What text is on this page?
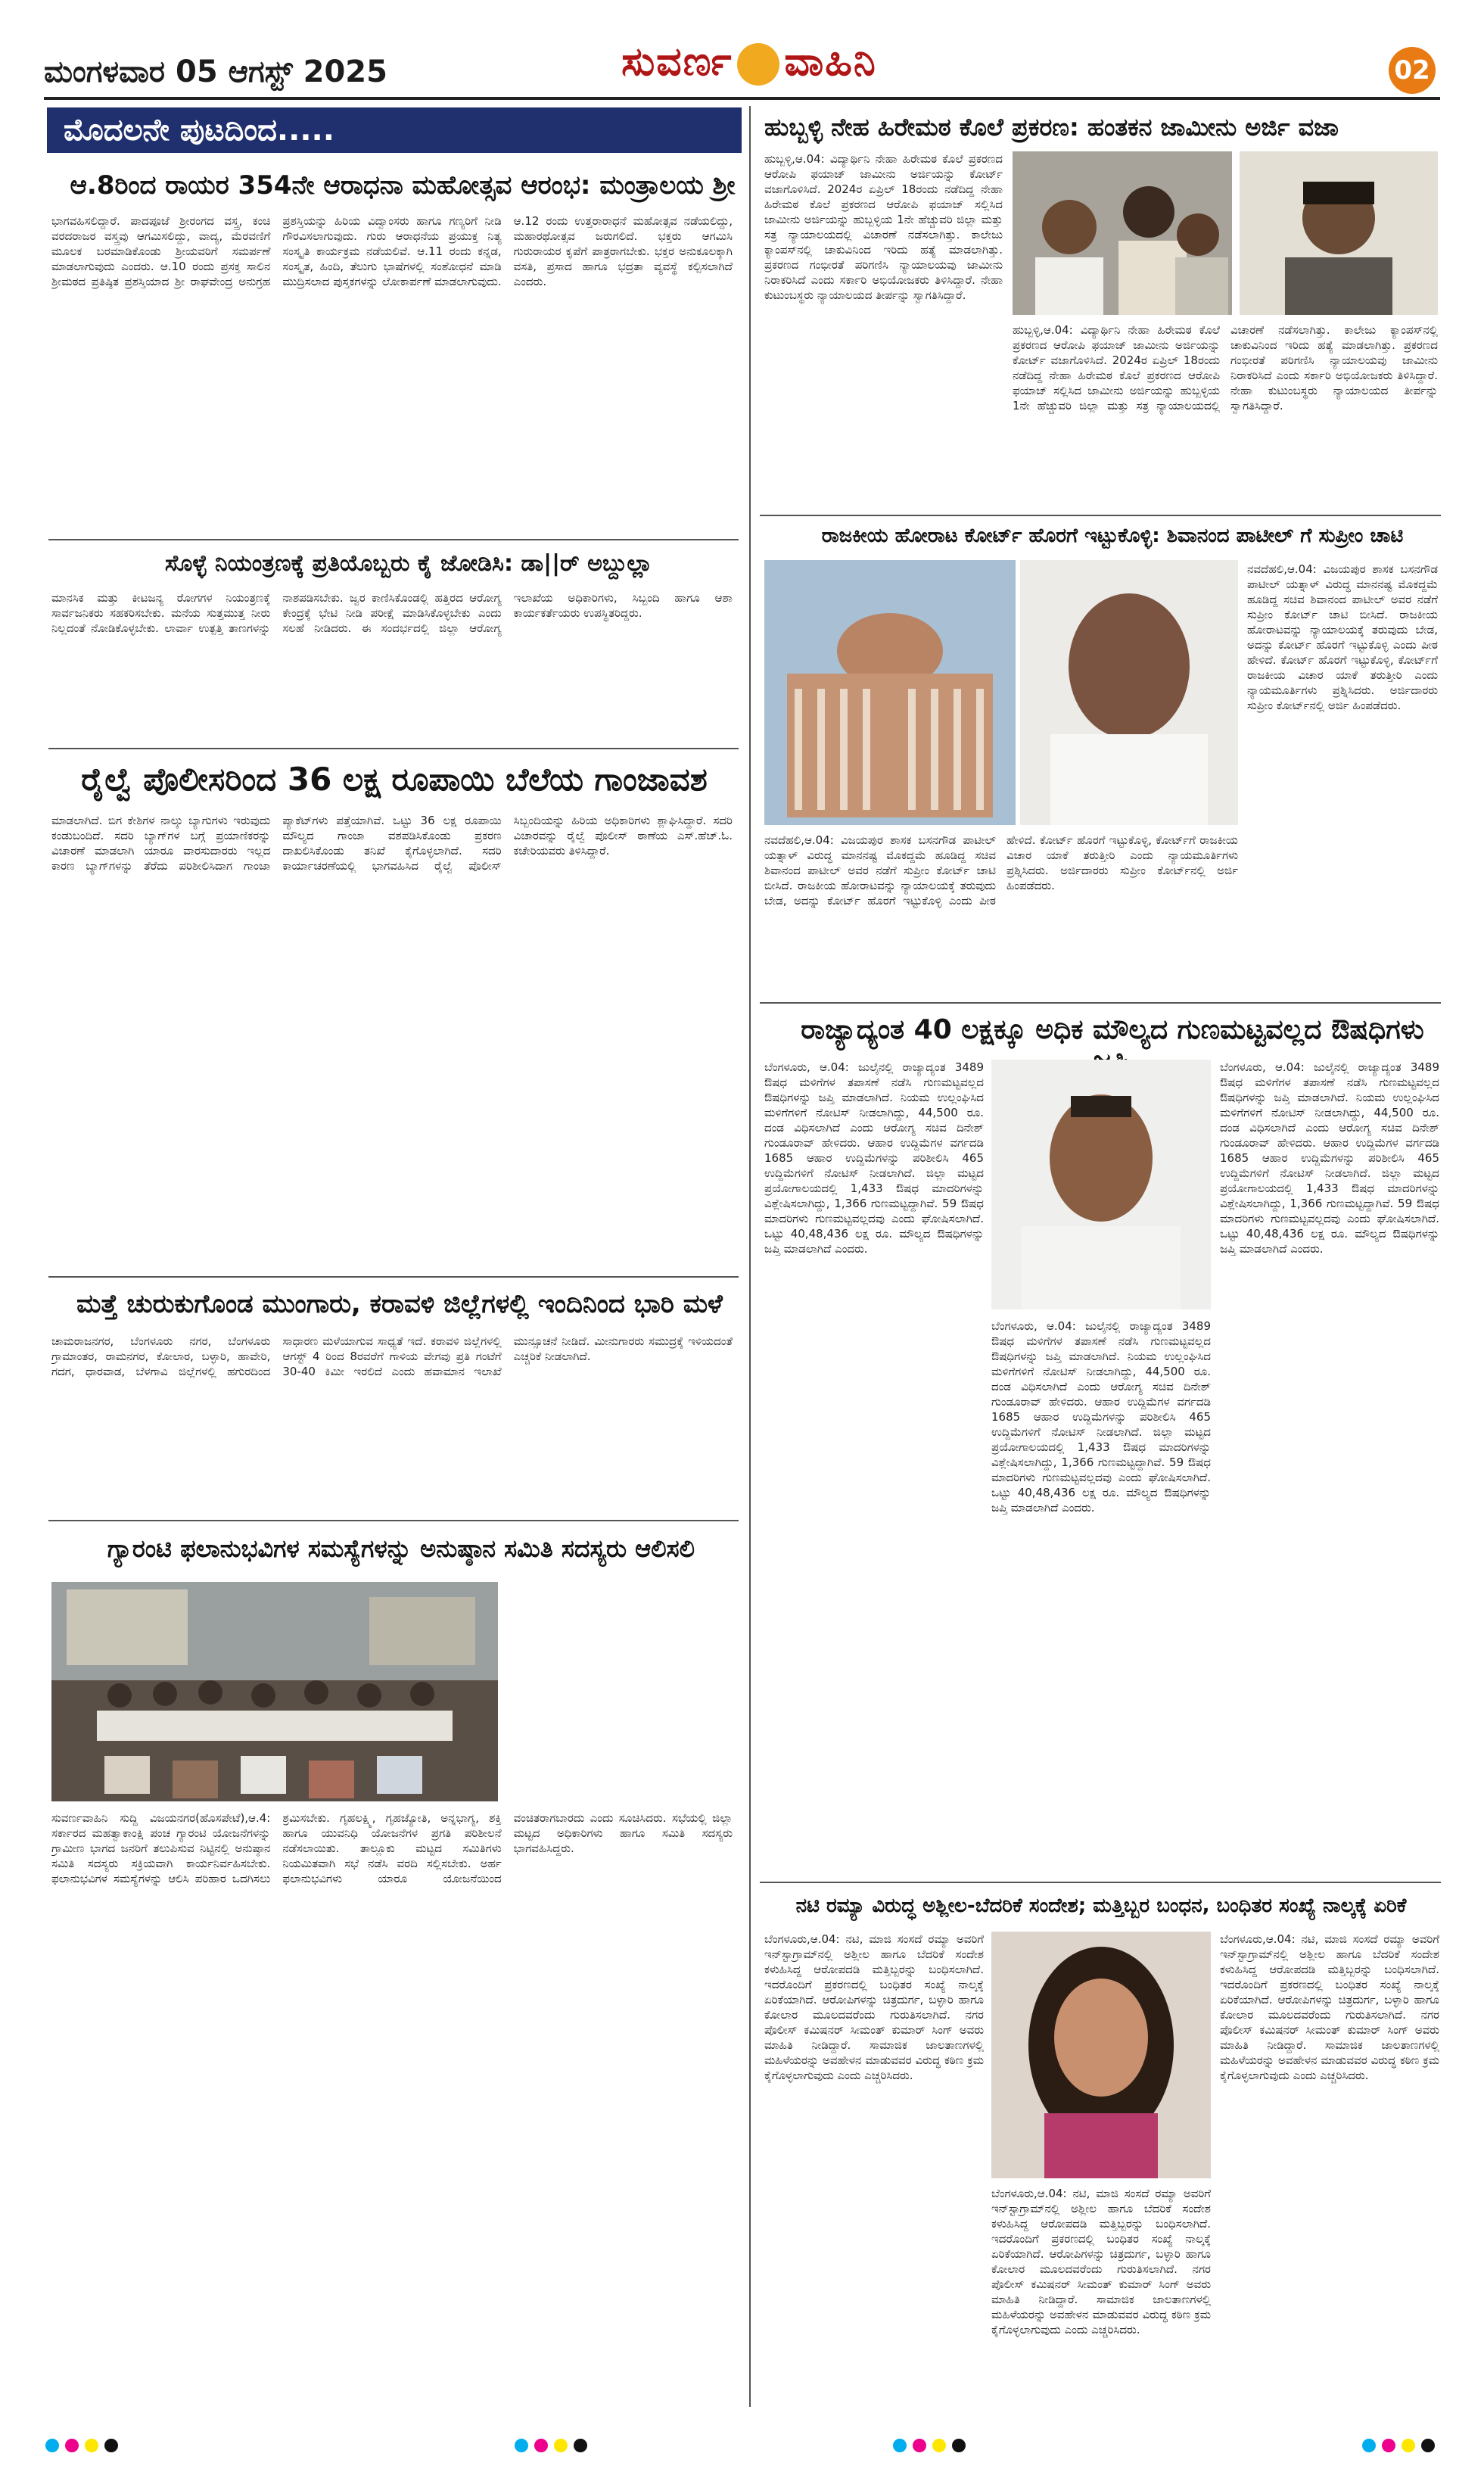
ಮಂಗಳವಾರ 05 ಆಗಸ್ಟ್ 2025	ಸುವರ್ಣ ವಾಹಿನಿ	02
ಮೊದಲನೇ ಪುಟದಿಂದ.....
ಆ.8ರಿಂದ ರಾಯರ 354ನೇ ಆರಾಧನಾ ಮಹೋತ್ಸವ ಆರಂಭ: ಮಂತ್ರಾಲಯ ಶ್ರೀ
ಭಾಗವಹಿಸಲಿದ್ದಾರೆ. ಪಾದಪೂಜೆ ಶ್ರೀರಂಗದ ವಸ್ತ್ರ, ಕಂಚಿ ವರದರಾಜರ ವಸ್ತ್ರವು ಆಗಮಿಸಲಿದ್ದು, ವಾದ್ಯ, ಮೆರವಣಿಗೆ ಮೂಲಕ ಬರಮಾಡಿಕೊಂಡು ಶ್ರೀಯವರಿಗೆ ಸಮರ್ಪಣೆ ಮಾಡಲಾಗುವುದು ಎಂದರು. ಆ.10 ರಂದು ಪ್ರಸಕ್ತ ಸಾಲಿನ ಶ್ರೀಮಠದ ಪ್ರತಿಷ್ಠಿತ ಪ್ರಶಸ್ತಿಯಾದ ಶ್ರೀ ರಾಘವೇಂದ್ರ ಅನುಗ್ರಹ ಪ್ರಶಸ್ತಿಯನ್ನು ಹಿರಿಯ ವಿದ್ವಾಂಸರು ಹಾಗೂ ಗಣ್ಯರಿಗೆ ನೀಡಿ ಗೌರವಿಸಲಾಗುವುದು. ಗುರು ಆರಾಧನೆಯ ಪ್ರಯುಕ್ತ ನಿತ್ಯ ಸಂಸ್ಕೃತಿ ಕಾರ್ಯಕ್ರಮ ನಡೆಯಲಿವೆ. ಆ.11 ರಂದು ಕನ್ನಡ, ಸಂಸ್ಕೃತ, ಹಿಂದಿ, ತೆಲುಗು ಭಾಷೆಗಳಲ್ಲಿ ಸಂಶೋಧನೆ ಮಾಡಿ ಮುದ್ರಿಸಲಾದ ಪುಸ್ತಕಗಳನ್ನು ಲೋಕಾರ್ಪಣೆ ಮಾಡಲಾಗುವುದು. ಆ.12 ರಂದು ಉತ್ತರಾರಾಧನೆ ಮಹೋತ್ಸವ ನಡೆಯಲಿದ್ದು, ಮಹಾರಥೋತ್ಸವ ಜರುಗಲಿದೆ. ಭಕ್ತರು ಆಗಮಿಸಿ ಗುರುರಾಯರ ಕೃಪೆಗೆ ಪಾತ್ರರಾಗಬೇಕು. ಭಕ್ತರ ಅನುಕೂಲಕ್ಕಾಗಿ ವಸತಿ, ಪ್ರಸಾದ ಹಾಗೂ ಭದ್ರತಾ ವ್ಯವಸ್ಥೆ ಕಲ್ಪಿಸಲಾಗಿದೆ ಎಂದರು.
ಸೊಳ್ಳೆ ನಿಯಂತ್ರಣಕ್ಕೆ ಪ್ರತಿಯೊಬ್ಬರು ಕೈ ಜೋಡಿಸಿ: ಡಾ||ರ್ ಅಬ್ದುಲ್ಲಾ
ಮಾನಸಿಕ ಮತ್ತು ಕೀಟಜನ್ಯ ರೋಗಗಳ ನಿಯಂತ್ರಣಕ್ಕೆ ಸಾರ್ವಜನಿಕರು ಸಹಕರಿಸಬೇಕು. ಮನೆಯ ಸುತ್ತಮುತ್ತ ನೀರು ನಿಲ್ಲದಂತೆ ನೋಡಿಕೊಳ್ಳಬೇಕು. ಲಾರ್ವಾ ಉತ್ಪತ್ತಿ ತಾಣಗಳನ್ನು ನಾಶಪಡಿಸಬೇಕು. ಜ್ವರ ಕಾಣಿಸಿಕೊಂಡಲ್ಲಿ ಹತ್ತಿರದ ಆರೋಗ್ಯ ಕೇಂದ್ರಕ್ಕೆ ಭೇಟಿ ನೀಡಿ ಪರೀಕ್ಷೆ ಮಾಡಿಸಿಕೊಳ್ಳಬೇಕು ಎಂದು ಸಲಹೆ ನೀಡಿದರು. ಈ ಸಂದರ್ಭದಲ್ಲಿ ಜಿಲ್ಲಾ ಆರೋಗ್ಯ ಇಲಾಖೆಯ ಅಧಿಕಾರಿಗಳು, ಸಿಬ್ಬಂದಿ ಹಾಗೂ ಆಶಾ ಕಾರ್ಯಕರ್ತೆಯರು ಉಪಸ್ಥಿತರಿದ್ದರು.
ರೈಲ್ವೆ ಪೊಲೀಸರಿಂದ 36 ಲಕ್ಷ ರೂಪಾಯಿ ಬೆಲೆಯ ಗಾಂಜಾವಶ
ಮಾಡಲಾಗಿದೆ. ಬಿಗ ಕೇಶಿಗಳ ನಾಲ್ಕು ಬ್ಯಾಗುಗಳು ಇರುವುದು ಕಂಡುಬಂದಿದೆ. ಸದರಿ ಬ್ಯಾಗ್‌ಗಳ ಬಗ್ಗೆ ಪ್ರಯಾಣಿಕರನ್ನು ವಿಚಾರಣೆ ಮಾಡಲಾಗಿ ಯಾರೂ ವಾರಸುದಾರರು ಇಲ್ಲದ ಕಾರಣ ಬ್ಯಾಗ್‌ಗಳನ್ನು ತೆರೆದು ಪರಿಶೀಲಿಸಿದಾಗ ಗಾಂಜಾ ಪ್ಯಾಕೆಟ್‌ಗಳು ಪತ್ತೆಯಾಗಿವೆ. ಒಟ್ಟು 36 ಲಕ್ಷ ರೂಪಾಯಿ ಮೌಲ್ಯದ ಗಾಂಜಾ ವಶಪಡಿಸಿಕೊಂಡು ಪ್ರಕರಣ ದಾಖಲಿಸಿಕೊಂಡು ತನಿಖೆ ಕೈಗೊಳ್ಳಲಾಗಿದೆ. ಸದರಿ ಕಾರ್ಯಾಚರಣೆಯಲ್ಲಿ ಭಾಗವಹಿಸಿದ ರೈಲ್ವೆ ಪೊಲೀಸ್ ಸಿಬ್ಬಂದಿಯನ್ನು ಹಿರಿಯ ಅಧಿಕಾರಿಗಳು ಶ್ಲಾಘಿಸಿದ್ದಾರೆ. ಸದರಿ ವಿಚಾರವನ್ನು ರೈಲ್ವೆ ಪೊಲೀಸ್ ಠಾಣೆಯ ಎಸ್.ಹೆಚ್.ಓ. ಕಚೇರಿಯವರು ತಿಳಿಸಿದ್ದಾರೆ.
ಮತ್ತೆ ಚುರುಕುಗೊಂಡ ಮುಂಗಾರು, ಕರಾವಳಿ ಜಿಲ್ಲೆಗಳಲ್ಲಿ ಇಂದಿನಿಂದ ಭಾರಿ ಮಳೆ
ಚಾಮರಾಜನಗರ, ಬೆಂಗಳೂರು ನಗರ, ಬೆಂಗಳೂರು ಗ್ರಾಮಾಂತರ, ರಾಮನಗರ, ಕೋಲಾರ, ಬಳ್ಳಾರಿ, ಹಾವೇರಿ, ಗದಗ, ಧಾರವಾಡ, ಬೆಳಗಾವಿ ಜಿಲ್ಲೆಗಳಲ್ಲಿ ಹಗುರದಿಂದ ಸಾಧಾರಣ ಮಳೆಯಾಗುವ ಸಾಧ್ಯತೆ ಇದೆ. ಕರಾವಳಿ ಜಿಲ್ಲೆಗಳಲ್ಲಿ ಆಗಸ್ಟ್ 4 ರಿಂದ 8ರವರೆಗೆ ಗಾಳಿಯ ವೇಗವು ಪ್ರತಿ ಗಂಟೆಗೆ 30-40 ಕಿಮೀ ಇರಲಿದೆ ಎಂದು ಹವಾಮಾನ ಇಲಾಖೆ ಮುನ್ಸೂಚನೆ ನೀಡಿದೆ. ಮೀನುಗಾರರು ಸಮುದ್ರಕ್ಕೆ ಇಳಿಯದಂತೆ ಎಚ್ಚರಿಕೆ ನೀಡಲಾಗಿದೆ.
ಗ್ಯಾರಂಟಿ ಫಲಾನುಭವಿಗಳ ಸಮಸ್ಯೆಗಳನ್ನು ಅನುಷ್ಠಾನ ಸಮಿತಿ ಸದಸ್ಯರು ಆಲಿಸಲಿ
ಸುವರ್ಣವಾಹಿನಿ ಸುದ್ದಿ ವಿಜಯನಗರ(ಹೊಸಪೇಟೆ),ಆ.4: ಸರ್ಕಾರದ ಮಹತ್ವಾಕಾಂಕ್ಷಿ ಪಂಚ ಗ್ಯಾರಂಟಿ ಯೋಜನೆಗಳನ್ನು ಗ್ರಾಮೀಣ ಭಾಗದ ಜನರಿಗೆ ತಲುಪಿಸುವ ನಿಟ್ಟಿನಲ್ಲಿ ಅನುಷ್ಠಾನ ಸಮಿತಿ ಸದಸ್ಯರು ಸಕ್ರಿಯವಾಗಿ ಕಾರ್ಯನಿರ್ವಹಿಸಬೇಕು. ಫಲಾನುಭವಿಗಳ ಸಮಸ್ಯೆಗಳನ್ನು ಆಲಿಸಿ ಪರಿಹಾರ ಒದಗಿಸಲು ಶ್ರಮಿಸಬೇಕು. ಗೃಹಲಕ್ಷ್ಮಿ, ಗೃಹಜ್ಯೋತಿ, ಅನ್ನಭಾಗ್ಯ, ಶಕ್ತಿ ಹಾಗೂ ಯುವನಿಧಿ ಯೋಜನೆಗಳ ಪ್ರಗತಿ ಪರಿಶೀಲನೆ ನಡೆಸಲಾಯಿತು. ತಾಲ್ಲೂಕು ಮಟ್ಟದ ಸಮಿತಿಗಳು ನಿಯಮಿತವಾಗಿ ಸಭೆ ನಡೆಸಿ ವರದಿ ಸಲ್ಲಿಸಬೇಕು. ಅರ್ಹ ಫಲಾನುಭವಿಗಳು ಯಾರೂ ಯೋಜನೆಯಿಂದ ವಂಚಿತರಾಗಬಾರದು ಎಂದು ಸೂಚಿಸಿದರು. ಸಭೆಯಲ್ಲಿ ಜಿಲ್ಲಾ ಮಟ್ಟದ ಅಧಿಕಾರಿಗಳು ಹಾಗೂ ಸಮಿತಿ ಸದಸ್ಯರು ಭಾಗವಹಿಸಿದ್ದರು.
ಹುಬ್ಬಳ್ಳಿ ನೇಹ ಹಿರೇಮಠ ಕೊಲೆ ಪ್ರಕರಣ: ಹಂತಕನ ಜಾಮೀನು ಅರ್ಜಿ ವಜಾ
ಹುಬ್ಬಳ್ಳಿ,ಆ.04: ವಿದ್ಯಾರ್ಥಿನಿ ನೇಹಾ ಹಿರೇಮಠ ಕೊಲೆ ಪ್ರಕರಣದ ಆರೋಪಿ ಫಯಾಜ್ ಜಾಮೀನು ಅರ್ಜಿಯನ್ನು ಕೋರ್ಟ್ ವಜಾಗೊಳಿಸಿದೆ. 2024ರ ಏಪ್ರಿಲ್ 18ರಂದು ನಡೆದಿದ್ದ ನೇಹಾ ಹಿರೇಮಠ ಕೊಲೆ ಪ್ರಕರಣದ ಆರೋಪಿ ಫಯಾಜ್ ಸಲ್ಲಿಸಿದ ಜಾಮೀನು ಅರ್ಜಿಯನ್ನು ಹುಬ್ಬಳ್ಳಿಯ 1ನೇ ಹೆಚ್ಚುವರಿ ಜಿಲ್ಲಾ ಮತ್ತು ಸತ್ರ ನ್ಯಾಯಾಲಯದಲ್ಲಿ ವಿಚಾರಣೆ ನಡೆಸಲಾಗಿತ್ತು. ಕಾಲೇಜು ಕ್ಯಾಂಪಸ್‌ನಲ್ಲಿ ಚಾಕುವಿನಿಂದ ಇರಿದು ಹತ್ಯೆ ಮಾಡಲಾಗಿತ್ತು. ಪ್ರಕರಣದ ಗಂಭೀರತೆ ಪರಿಗಣಿಸಿ ನ್ಯಾಯಾಲಯವು ಜಾಮೀನು ನಿರಾಕರಿಸಿದೆ ಎಂದು ಸರ್ಕಾರಿ ಅಭಿಯೋಜಕರು ತಿಳಿಸಿದ್ದಾರೆ. ನೇಹಾ ಕುಟುಂಬಸ್ಥರು ನ್ಯಾಯಾಲಯದ ತೀರ್ಪನ್ನು ಸ್ವಾಗತಿಸಿದ್ದಾರೆ.
ಹುಬ್ಬಳ್ಳಿ,ಆ.04: ವಿದ್ಯಾರ್ಥಿನಿ ನೇಹಾ ಹಿರೇಮಠ ಕೊಲೆ ಪ್ರಕರಣದ ಆರೋಪಿ ಫಯಾಜ್ ಜಾಮೀನು ಅರ್ಜಿಯನ್ನು ಕೋರ್ಟ್ ವಜಾಗೊಳಿಸಿದೆ. 2024ರ ಏಪ್ರಿಲ್ 18ರಂದು ನಡೆದಿದ್ದ ನೇಹಾ ಹಿರೇಮಠ ಕೊಲೆ ಪ್ರಕರಣದ ಆರೋಪಿ ಫಯಾಜ್ ಸಲ್ಲಿಸಿದ ಜಾಮೀನು ಅರ್ಜಿಯನ್ನು ಹುಬ್ಬಳ್ಳಿಯ 1ನೇ ಹೆಚ್ಚುವರಿ ಜಿಲ್ಲಾ ಮತ್ತು ಸತ್ರ ನ್ಯಾಯಾಲಯದಲ್ಲಿ ವಿಚಾರಣೆ ನಡೆಸಲಾಗಿತ್ತು. ಕಾಲೇಜು ಕ್ಯಾಂಪಸ್‌ನಲ್ಲಿ ಚಾಕುವಿನಿಂದ ಇರಿದು ಹತ್ಯೆ ಮಾಡಲಾಗಿತ್ತು. ಪ್ರಕರಣದ ಗಂಭೀರತೆ ಪರಿಗಣಿಸಿ ನ್ಯಾಯಾಲಯವು ಜಾಮೀನು ನಿರಾಕರಿಸಿದೆ ಎಂದು ಸರ್ಕಾರಿ ಅಭಿಯೋಜಕರು ತಿಳಿಸಿದ್ದಾರೆ. ನೇಹಾ ಕುಟುಂಬಸ್ಥರು ನ್ಯಾಯಾಲಯದ ತೀರ್ಪನ್ನು ಸ್ವಾಗತಿಸಿದ್ದಾರೆ.
ರಾಜಕೀಯ ಹೋರಾಟ ಕೋರ್ಟ್ ಹೊರಗೆ ಇಟ್ಟುಕೊಳ್ಳಿ: ಶಿವಾನಂದ ಪಾಟೀಲ್ ಗೆ ಸುಪ್ರೀಂ ಚಾಟಿ
ನವದೆಹಲಿ,ಆ.04: ವಿಜಯಪುರ ಶಾಸಕ ಬಸನಗೌಡ ಪಾಟೀಲ್ ಯತ್ನಾಳ್ ವಿರುದ್ಧ ಮಾನನಷ್ಟ ಮೊಕದ್ದಮೆ ಹೂಡಿದ್ದ ಸಚಿವ ಶಿವಾನಂದ ಪಾಟೀಲ್ ಅವರ ನಡೆಗೆ ಸುಪ್ರೀಂ ಕೋರ್ಟ್ ಚಾಟಿ ಬೀಸಿದೆ. ರಾಜಕೀಯ ಹೋರಾಟವನ್ನು ನ್ಯಾಯಾಲಯಕ್ಕೆ ತರುವುದು ಬೇಡ, ಅದನ್ನು ಕೋರ್ಟ್ ಹೊರಗೆ ಇಟ್ಟುಕೊಳ್ಳಿ ಎಂದು ಪೀಠ ಹೇಳಿದೆ. ಕೋರ್ಟ್ ಹೊರಗೆ ಇಟ್ಟುಕೊಳ್ಳಿ, ಕೋರ್ಟ್‌ಗೆ ರಾಜಕೀಯ ವಿಚಾರ ಯಾಕೆ ತರುತ್ತೀರಿ ಎಂದು ನ್ಯಾಯಮೂರ್ತಿಗಳು ಪ್ರಶ್ನಿಸಿದರು. ಅರ್ಜಿದಾರರು ಸುಪ್ರೀಂ ಕೋರ್ಟ್‌ನಲ್ಲಿ ಅರ್ಜಿ ಹಿಂಪಡೆದರು.
ನವದೆಹಲಿ,ಆ.04: ವಿಜಯಪುರ ಶಾಸಕ ಬಸನಗೌಡ ಪಾಟೀಲ್ ಯತ್ನಾಳ್ ವಿರುದ್ಧ ಮಾನನಷ್ಟ ಮೊಕದ್ದಮೆ ಹೂಡಿದ್ದ ಸಚಿವ ಶಿವಾನಂದ ಪಾಟೀಲ್ ಅವರ ನಡೆಗೆ ಸುಪ್ರೀಂ ಕೋರ್ಟ್ ಚಾಟಿ ಬೀಸಿದೆ. ರಾಜಕೀಯ ಹೋರಾಟವನ್ನು ನ್ಯಾಯಾಲಯಕ್ಕೆ ತರುವುದು ಬೇಡ, ಅದನ್ನು ಕೋರ್ಟ್ ಹೊರಗೆ ಇಟ್ಟುಕೊಳ್ಳಿ ಎಂದು ಪೀಠ ಹೇಳಿದೆ. ಕೋರ್ಟ್ ಹೊರಗೆ ಇಟ್ಟುಕೊಳ್ಳಿ, ಕೋರ್ಟ್‌ಗೆ ರಾಜಕೀಯ ವಿಚಾರ ಯಾಕೆ ತರುತ್ತೀರಿ ಎಂದು ನ್ಯಾಯಮೂರ್ತಿಗಳು ಪ್ರಶ್ನಿಸಿದರು. ಅರ್ಜಿದಾರರು ಸುಪ್ರೀಂ ಕೋರ್ಟ್‌ನಲ್ಲಿ ಅರ್ಜಿ ಹಿಂಪಡೆದರು.
ರಾಜ್ಯಾದ್ಯಂತ 40 ಲಕ್ಷಕ್ಕೂ ಅಧಿಕ ಮೌಲ್ಯದ ಗುಣಮಟ್ಟವಲ್ಲದ ಔಷಧಿಗಳು
ಬೆಂಗಳೂರು, ಆ.04: ಜುಲೈನಲ್ಲಿ ರಾಜ್ಯಾದ್ಯಂತ 3489 ಔಷಧ ಮಳಿಗೆಗಳ ತಪಾಸಣೆ ನಡೆಸಿ ಗುಣಮಟ್ಟವಲ್ಲದ ಔಷಧಿಗಳನ್ನು ಜಪ್ತಿ ಮಾಡಲಾಗಿದೆ. ನಿಯಮ ಉಲ್ಲಂಘಿಸಿದ ಮಳಿಗೆಗಳಿಗೆ ನೋಟಿಸ್ ನೀಡಲಾಗಿದ್ದು, 44,500 ರೂ. ದಂಡ ವಿಧಿಸಲಾಗಿದೆ ಎಂದು ಆರೋಗ್ಯ ಸಚಿವ ದಿನೇಶ್ ಗುಂಡೂರಾವ್ ಹೇಳಿದರು. ಆಹಾರ ಉದ್ದಿಮೆಗಳ ವರ್ಗದಡಿ 1685 ಆಹಾರ ಉದ್ದಿಮೆಗಳನ್ನು ಪರಿಶೀಲಿಸಿ 465 ಉದ್ದಿಮೆಗಳಿಗೆ ನೋಟಿಸ್ ನೀಡಲಾಗಿದೆ. ಜಿಲ್ಲಾ ಮಟ್ಟದ ಪ್ರಯೋಗಾಲಯದಲ್ಲಿ 1,433 ಔಷಧ ಮಾದರಿಗಳನ್ನು ವಿಶ್ಲೇಷಿಸಲಾಗಿದ್ದು, 1,366 ಗುಣಮಟ್ಟದ್ದಾಗಿವೆ. 59 ಔಷಧ ಮಾದರಿಗಳು ಗುಣಮಟ್ಟವಲ್ಲದವು ಎಂದು ಘೋಷಿಸಲಾಗಿದೆ. ಒಟ್ಟು 40,48,436 ಲಕ್ಷ ರೂ. ಮೌಲ್ಯದ ಔಷಧಿಗಳನ್ನು ಜಪ್ತಿ ಮಾಡಲಾಗಿದೆ ಎಂದರು.
ಬೆಂಗಳೂರು, ಆ.04: ಜುಲೈನಲ್ಲಿ ರಾಜ್ಯಾದ್ಯಂತ 3489 ಔಷಧ ಮಳಿಗೆಗಳ ತಪಾಸಣೆ ನಡೆಸಿ ಗುಣಮಟ್ಟವಲ್ಲದ ಔಷಧಿಗಳನ್ನು ಜಪ್ತಿ ಮಾಡಲಾಗಿದೆ. ನಿಯಮ ಉಲ್ಲಂಘಿಸಿದ ಮಳಿಗೆಗಳಿಗೆ ನೋಟಿಸ್ ನೀಡಲಾಗಿದ್ದು, 44,500 ರೂ. ದಂಡ ವಿಧಿಸಲಾಗಿದೆ ಎಂದು ಆರೋಗ್ಯ ಸಚಿವ ದಿನೇಶ್ ಗುಂಡೂರಾವ್ ಹೇಳಿದರು. ಆಹಾರ ಉದ್ದಿಮೆಗಳ ವರ್ಗದಡಿ 1685 ಆಹಾರ ಉದ್ದಿಮೆಗಳನ್ನು ಪರಿಶೀಲಿಸಿ 465 ಉದ್ದಿಮೆಗಳಿಗೆ ನೋಟಿಸ್ ನೀಡಲಾಗಿದೆ. ಜಿಲ್ಲಾ ಮಟ್ಟದ ಪ್ರಯೋಗಾಲಯದಲ್ಲಿ 1,433 ಔಷಧ ಮಾದರಿಗಳನ್ನು ವಿಶ್ಲೇಷಿಸಲಾಗಿದ್ದು, 1,366 ಗುಣಮಟ್ಟದ್ದಾಗಿವೆ. 59 ಔಷಧ ಮಾದರಿಗಳು ಗುಣಮಟ್ಟವಲ್ಲದವು ಎಂದು ಘೋಷಿಸಲಾಗಿದೆ. ಒಟ್ಟು 40,48,436 ಲಕ್ಷ ರೂ. ಮೌಲ್ಯದ ಔಷಧಿಗಳನ್ನು ಜಪ್ತಿ ಮಾಡಲಾಗಿದೆ ಎಂದರು.
ಬೆಂಗಳೂರು, ಆ.04: ಜುಲೈನಲ್ಲಿ ರಾಜ್ಯಾದ್ಯಂತ 3489 ಔಷಧ ಮಳಿಗೆಗಳ ತಪಾಸಣೆ ನಡೆಸಿ ಗುಣಮಟ್ಟವಲ್ಲದ ಔಷಧಿಗಳನ್ನು ಜಪ್ತಿ ಮಾಡಲಾಗಿದೆ. ನಿಯಮ ಉಲ್ಲಂಘಿಸಿದ ಮಳಿಗೆಗಳಿಗೆ ನೋಟಿಸ್ ನೀಡಲಾಗಿದ್ದು, 44,500 ರೂ. ದಂಡ ವಿಧಿಸಲಾಗಿದೆ ಎಂದು ಆರೋಗ್ಯ ಸಚಿವ ದಿನೇಶ್ ಗುಂಡೂರಾವ್ ಹೇಳಿದರು. ಆಹಾರ ಉದ್ದಿಮೆಗಳ ವರ್ಗದಡಿ 1685 ಆಹಾರ ಉದ್ದಿಮೆಗಳನ್ನು ಪರಿಶೀಲಿಸಿ 465 ಉದ್ದಿಮೆಗಳಿಗೆ ನೋಟಿಸ್ ನೀಡಲಾಗಿದೆ. ಜಿಲ್ಲಾ ಮಟ್ಟದ ಪ್ರಯೋಗಾಲಯದಲ್ಲಿ 1,433 ಔಷಧ ಮಾದರಿಗಳನ್ನು ವಿಶ್ಲೇಷಿಸಲಾಗಿದ್ದು, 1,366 ಗುಣಮಟ್ಟದ್ದಾಗಿವೆ. 59 ಔಷಧ ಮಾದರಿಗಳು ಗುಣಮಟ್ಟವಲ್ಲದವು ಎಂದು ಘೋಷಿಸಲಾಗಿದೆ. ಒಟ್ಟು 40,48,436 ಲಕ್ಷ ರೂ. ಮೌಲ್ಯದ ಔಷಧಿಗಳನ್ನು ಜಪ್ತಿ ಮಾಡಲಾಗಿದೆ ಎಂದರು.
ನಟಿ ರಮ್ಯಾ ವಿರುದ್ಧ ಅಶ್ಲೀಲ-ಬೆದರಿಕೆ ಸಂದೇಶ; ಮತ್ತಿಬ್ಬರ ಬಂಧನ, ಬಂಧಿತರ ಸಂಖ್ಯೆ ನಾಲ್ಕಕ್ಕೆ ಏರಿಕೆ
ಬೆಂಗಳೂರು,ಆ.04: ನಟಿ, ಮಾಜಿ ಸಂಸದೆ ರಮ್ಯಾ ಅವರಿಗೆ ಇನ್‌ಸ್ಟಾಗ್ರಾಮ್‌ನಲ್ಲಿ ಅಶ್ಲೀಲ ಹಾಗೂ ಬೆದರಿಕೆ ಸಂದೇಶ ಕಳುಹಿಸಿದ್ದ ಆರೋಪದಡಿ ಮತ್ತಿಬ್ಬರನ್ನು ಬಂಧಿಸಲಾಗಿದೆ. ಇದರೊಂದಿಗೆ ಪ್ರಕರಣದಲ್ಲಿ ಬಂಧಿತರ ಸಂಖ್ಯೆ ನಾಲ್ಕಕ್ಕೆ ಏರಿಕೆಯಾಗಿದೆ. ಆರೋಪಿಗಳನ್ನು ಚಿತ್ರದುರ್ಗ, ಬಳ್ಳಾರಿ ಹಾಗೂ ಕೋಲಾರ ಮೂಲದವರೆಂದು ಗುರುತಿಸಲಾಗಿದೆ. ನಗರ ಪೊಲೀಸ್ ಕಮಿಷನರ್ ಸೀಮಂತ್ ಕುಮಾರ್ ಸಿಂಗ್ ಅವರು ಮಾಹಿತಿ ನೀಡಿದ್ದಾರೆ. ಸಾಮಾಜಿಕ ಜಾಲತಾಣಗಳಲ್ಲಿ ಮಹಿಳೆಯರನ್ನು ಅವಹೇಳನ ಮಾಡುವವರ ವಿರುದ್ಧ ಕಠಿಣ ಕ್ರಮ ಕೈಗೊಳ್ಳಲಾಗುವುದು ಎಂದು ಎಚ್ಚರಿಸಿದರು.
ಬೆಂಗಳೂರು,ಆ.04: ನಟಿ, ಮಾಜಿ ಸಂಸದೆ ರಮ್ಯಾ ಅವರಿಗೆ ಇನ್‌ಸ್ಟಾಗ್ರಾಮ್‌ನಲ್ಲಿ ಅಶ್ಲೀಲ ಹಾಗೂ ಬೆದರಿಕೆ ಸಂದೇಶ ಕಳುಹಿಸಿದ್ದ ಆರೋಪದಡಿ ಮತ್ತಿಬ್ಬರನ್ನು ಬಂಧಿಸಲಾಗಿದೆ. ಇದರೊಂದಿಗೆ ಪ್ರಕರಣದಲ್ಲಿ ಬಂಧಿತರ ಸಂಖ್ಯೆ ನಾಲ್ಕಕ್ಕೆ ಏರಿಕೆಯಾಗಿದೆ. ಆರೋಪಿಗಳನ್ನು ಚಿತ್ರದುರ್ಗ, ಬಳ್ಳಾರಿ ಹಾಗೂ ಕೋಲಾರ ಮೂಲದವರೆಂದು ಗುರುತಿಸಲಾಗಿದೆ. ನಗರ ಪೊಲೀಸ್ ಕಮಿಷನರ್ ಸೀಮಂತ್ ಕುಮಾರ್ ಸಿಂಗ್ ಅವರು ಮಾಹಿತಿ ನೀಡಿದ್ದಾರೆ. ಸಾಮಾಜಿಕ ಜಾಲತಾಣಗಳಲ್ಲಿ ಮಹಿಳೆಯರನ್ನು ಅವಹೇಳನ ಮಾಡುವವರ ವಿರುದ್ಧ ಕಠಿಣ ಕ್ರಮ ಕೈಗೊಳ್ಳಲಾಗುವುದು ಎಂದು ಎಚ್ಚರಿಸಿದರು.
ಬೆಂಗಳೂರು,ಆ.04: ನಟಿ, ಮಾಜಿ ಸಂಸದೆ ರಮ್ಯಾ ಅವರಿಗೆ ಇನ್‌ಸ್ಟಾಗ್ರಾಮ್‌ನಲ್ಲಿ ಅಶ್ಲೀಲ ಹಾಗೂ ಬೆದರಿಕೆ ಸಂದೇಶ ಕಳುಹಿಸಿದ್ದ ಆರೋಪದಡಿ ಮತ್ತಿಬ್ಬರನ್ನು ಬಂಧಿಸಲಾಗಿದೆ. ಇದರೊಂದಿಗೆ ಪ್ರಕರಣದಲ್ಲಿ ಬಂಧಿತರ ಸಂಖ್ಯೆ ನಾಲ್ಕಕ್ಕೆ ಏರಿಕೆಯಾಗಿದೆ. ಆರೋಪಿಗಳನ್ನು ಚಿತ್ರದುರ್ಗ, ಬಳ್ಳಾರಿ ಹಾಗೂ ಕೋಲಾರ ಮೂಲದವರೆಂದು ಗುರುತಿಸಲಾಗಿದೆ. ನಗರ ಪೊಲೀಸ್ ಕಮಿಷನರ್ ಸೀಮಂತ್ ಕುಮಾರ್ ಸಿಂಗ್ ಅವರು ಮಾಹಿತಿ ನೀಡಿದ್ದಾರೆ. ಸಾಮಾಜಿಕ ಜಾಲತಾಣಗಳಲ್ಲಿ ಮಹಿಳೆಯರನ್ನು ಅವಹೇಳನ ಮಾಡುವವರ ವಿರುದ್ಧ ಕಠಿಣ ಕ್ರಮ ಕೈಗೊಳ್ಳಲಾಗುವುದು ಎಂದು ಎಚ್ಚರಿಸಿದರು.
